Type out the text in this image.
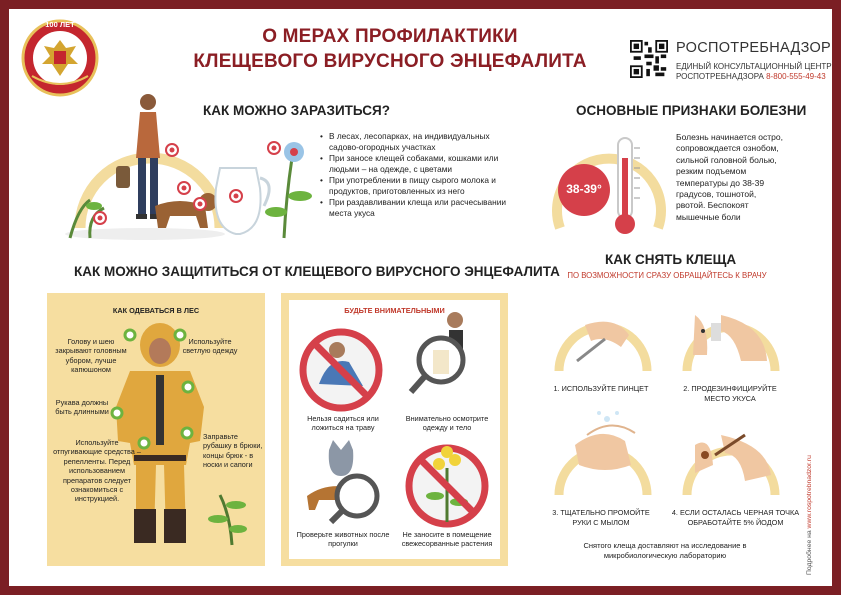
100 ЛЕТ
О МЕРАХ ПРОФИЛАКТИКИ
КЛЕЩЕВОГО ВИРУСНОГО ЭНЦЕФАЛИТА
РОСПОТРЕБНАДЗОР
ЕДИНЫЙ КОНСУЛЬТАЦИОННЫЙ ЦЕНТР
РОСПОТРЕБНАДЗОРА 8-800-555-49-43
КАК МОЖНО ЗАРАЗИТЬСЯ?
• В лесах, лесопарках, на индивидуальных садово-огородных участках
• При заносе клещей собаками, кошками или людьми – на одежде, с цветами
• При употреблении в пищу сырого молока и продуктов, приготовленных из него
• При раздавливании клеща или расчесывании места укуса
ОСНОВНЫЕ ПРИЗНАКИ БОЛЕЗНИ
38-39°
Болезнь начинается остро, сопровождается ознобом, сильной головной болью, резким подъемом температуры до 38-39 градусов, тошнотой, рвотой. Беспокоят мышечные боли
КАК МОЖНО ЗАЩИТИТЬСЯ ОТ КЛЕЩЕВОГО ВИРУСНОГО ЭНЦЕФАЛИТА
КАК ОДЕВАТЬСЯ В ЛЕС
Голову и шею закрывают головным убором, лучше капюшоном
Используйте светлую одежду
Рукава должны быть длинными
Используйте отпугивающие средства – репелленты. Перед использованием препаратов следует ознакомиться с инструкцией.
Заправьте рубашку в брюки, концы брюк - в носки и сапоги
БУДЬТЕ ВНИМАТЕЛЬНЫМИ
Нельзя садиться или ложиться на траву
Внимательно осмотрите одежду и тело
Проверьте животных после прогулки
Не заносите в помещение свежесорванные растения
КАК СНЯТЬ КЛЕЩА
ПО ВОЗМОЖНОСТИ СРАЗУ ОБРАЩАЙТЕСЬ К ВРАЧУ
1. ИСПОЛЬЗУЙТЕ ПИНЦЕТ	2. ПРОДЕЗИНФИЦИРУЙТЕ МЕСТО УКУСА
3. ТЩАТЕЛЬНО ПРОМОЙТЕ РУКИ С МЫЛОМ
4. ЕСЛИ ОСТАЛАСЬ ЧЕРНАЯ ТОЧКА ОБРАБОТАЙТЕ 5% ЙОДОМ
Снятого клеща доставляют на исследование в микробиологическую лабораторию	Подробнее на www.rospotrebnadzor.ru
